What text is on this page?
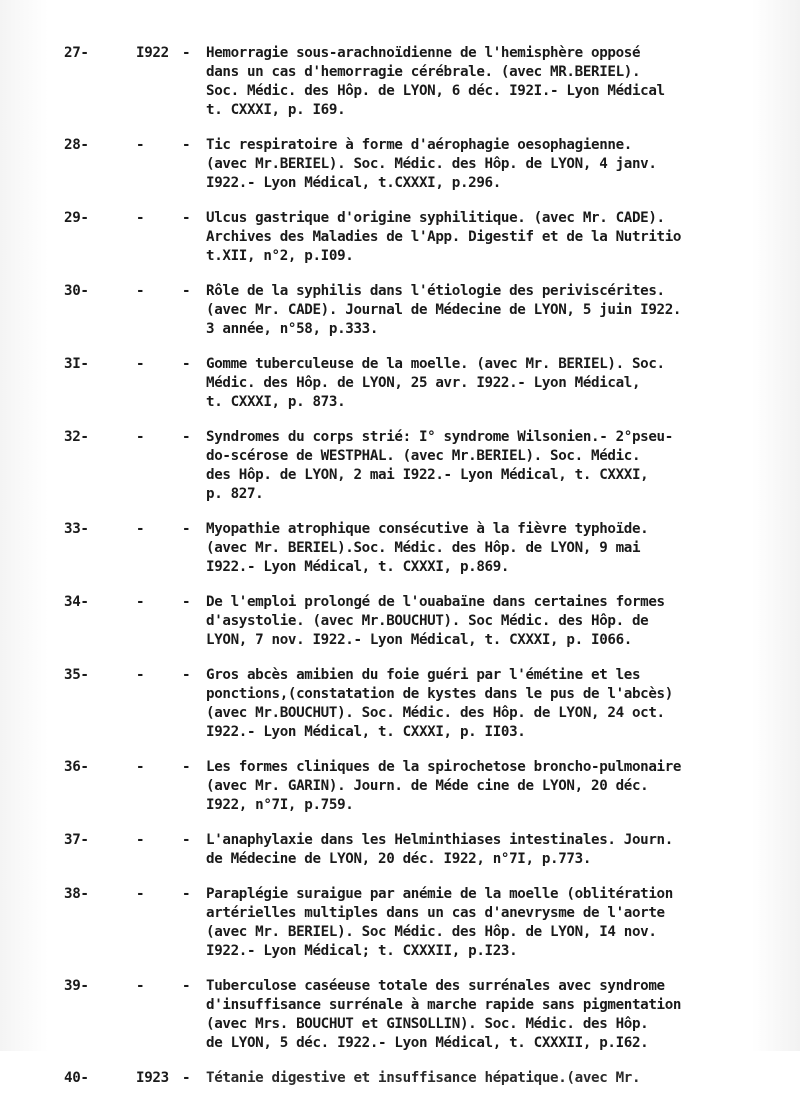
27-	I922 -	Hemorragie sous-arachnoïdienne de l'hemisphère opposé
dans un cas d'hemorragie cérébrale. (avec MR.BERIEL).
Soc. Médic. des Hôp. de LYON, 6 déc. I92I.- Lyon Médical
t. CXXXI, p. I69.
28-	-	-	Tic respiratoire à forme d'aérophagie oesophagienne.
(avec Mr.BERIEL). Soc. Médic. des Hôp. de LYON, 4 janv.
I922.- Lyon Médical, t.CXXXI, p.296.
29-	-	-	Ulcus gastrique d'origine syphilitique. (avec Mr. CADE).
Archives des Maladies de l'App. Digestif et de la Nutritio
t.XII, n°2, p.I09.
30-	-	-	Rôle de la syphilis dans l'étiologie des periviscérites.
(avec Mr. CADE). Journal de Médecine de LYON, 5 juin I922.
3 année, n°58, p.333.
3I-	-	-	Gomme tuberculeuse de la moelle. (avec Mr. BERIEL). Soc.
Médic. des Hôp. de LYON, 25 avr. I922.- Lyon Médical,
t. CXXXI, p. 873.
32-	-	-	Syndromes du corps strié: I° syndrome Wilsonien.- 2°pseu-
do-scérose de WESTPHAL. (avec Mr.BERIEL). Soc. Médic.
des Hôp. de LYON, 2 mai I922.- Lyon Médical, t. CXXXI,
p. 827.
33-	-	-	Myopathie atrophique consécutive à la fièvre typhoïde.
(avec Mr. BERIEL).Soc. Médic. des Hôp. de LYON, 9 mai
I922.- Lyon Médical, t. CXXXI, p.869.
34-	-	-	De l'emploi prolongé de l'ouabaïne dans certaines formes
d'asystolie. (avec Mr.BOUCHUT). Soc Médic. des Hôp. de
LYON, 7 nov. I922.- Lyon Médical, t. CXXXI, p. I066.
35-	-	-	Gros abcès amibien du foie guéri par l'émétine et les
ponctions,(constatation de kystes dans le pus de l'abcès)
(avec Mr.BOUCHUT). Soc. Médic. des Hôp. de LYON, 24 oct.
I922.- Lyon Médical, t. CXXXI, p. II03.
36-	-	-	Les formes cliniques de la spirochetose broncho-pulmonaire
(avec Mr. GARIN). Journ. de Méde cine de LYON, 20 déc.
I922, n°7I, p.759.
37-	-	-	L'anaphylaxie dans les Helminthiases intestinales. Journ.
de Médecine de LYON, 20 déc. I922, n°7I, p.773.
38-	-	-	Paraplégie suraigue par anémie de la moelle (oblitération
artérielles multiples dans un cas d'anevrysme de l'aorte
(avec Mr. BERIEL). Soc Médic. des Hôp. de LYON, I4 nov.
I922.- Lyon Médical; t. CXXXII, p.I23.
39-	-	-	Tuberculose caséeuse totale des surrénales avec syndrome
d'insuffisance surrénale à marche rapide sans pigmentation
(avec Mrs. BOUCHUT et GINSOLLIN). Soc. Médic. des Hôp.
de LYON, 5 déc. I922.- Lyon Médical, t. CXXXII, p.I62.
40-	I923 -	Tétanie digestive et insuffisance hépatique.(avec Mr.
